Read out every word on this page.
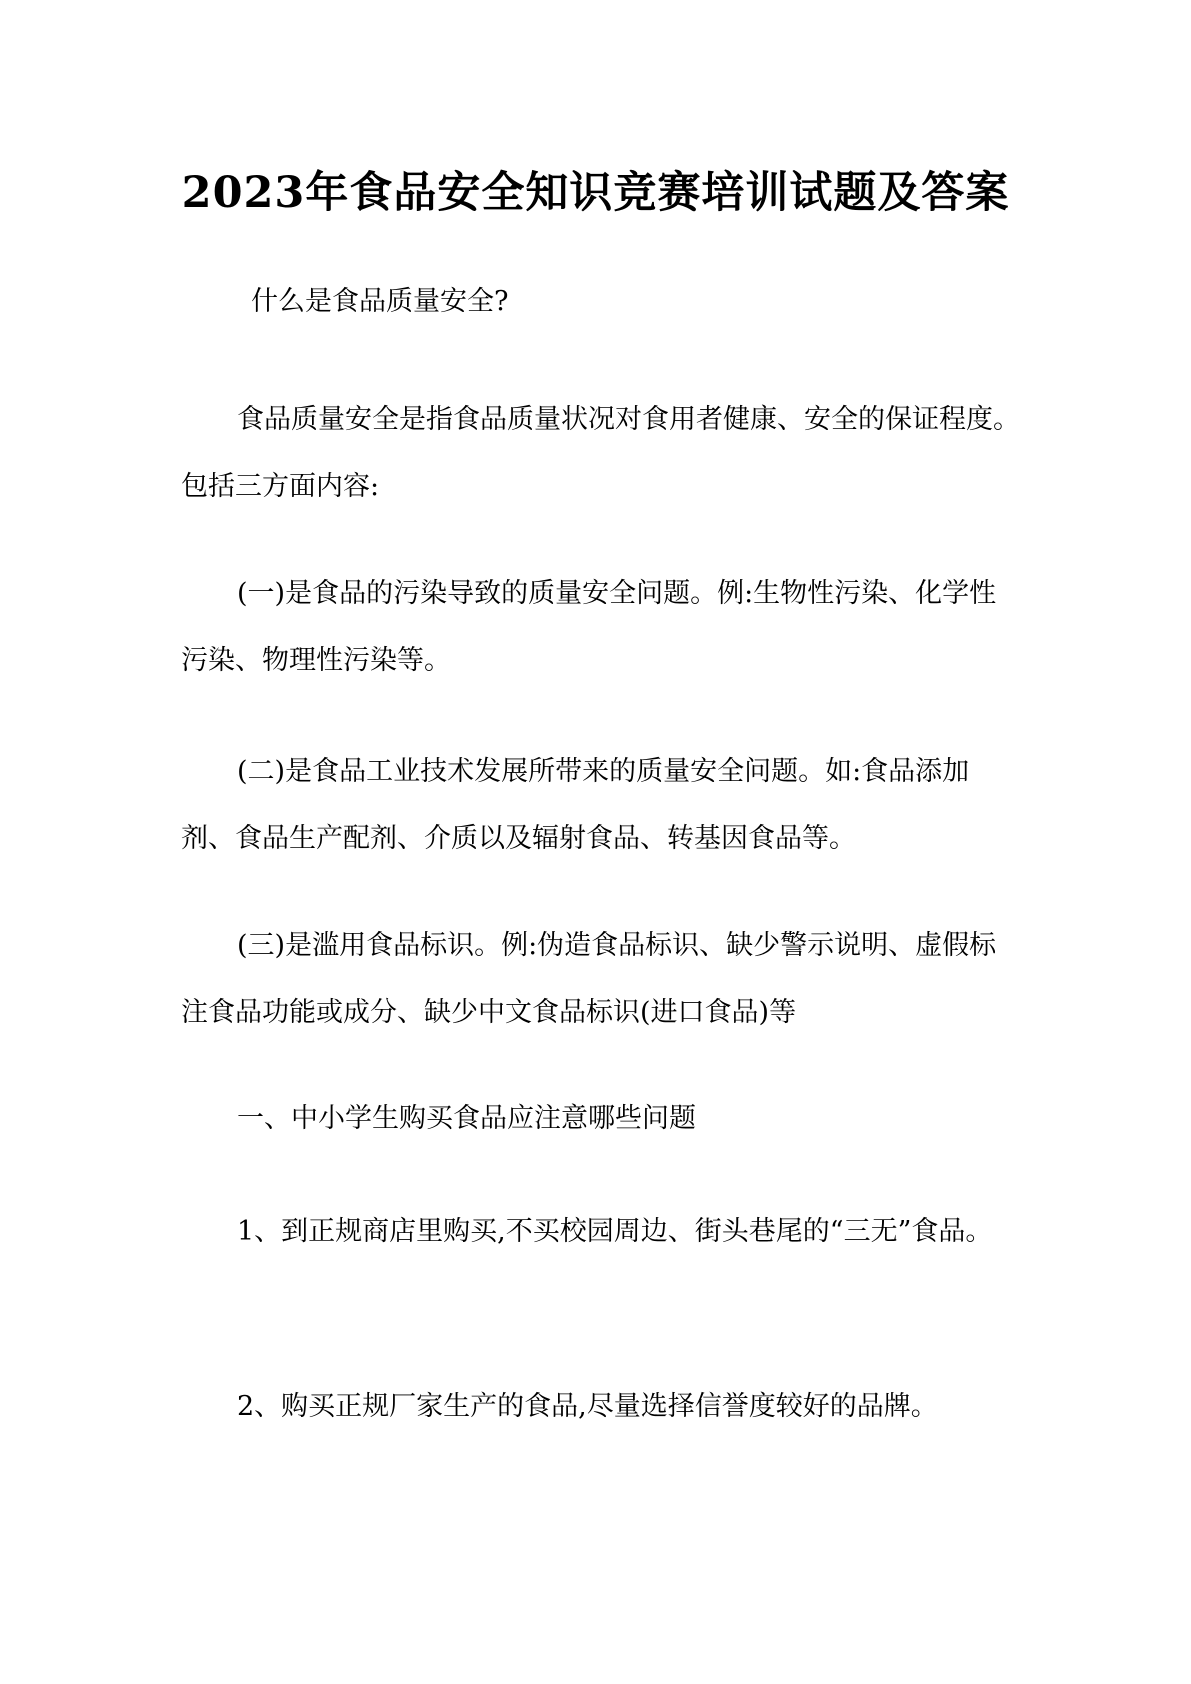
2023年食品安全知识竞赛培训试题及答案

什么是食品质量安全?

食品质量安全是指食品质量状况对食用者健康、安全的保证程度。包括三方面内容:

(一)是食品的污染导致的质量安全问题。例:生物性污染、化学性污染、物理性污染等。

(二)是食品工业技术发展所带来的质量安全问题。如:食品添加剂、食品生产配剂、介质以及辐射食品、转基因食品等。

(三)是滥用食品标识。例:伪造食品标识、缺少警示说明、虚假标注食品功能或成分、缺少中文食品标识(进口食品)等

一、中小学生购买食品应注意哪些问题

1、到正规商店里购买,不买校园周边、街头巷尾的“三无”食品。

2、购买正规厂家生产的食品,尽量选择信誉度较好的品牌。
